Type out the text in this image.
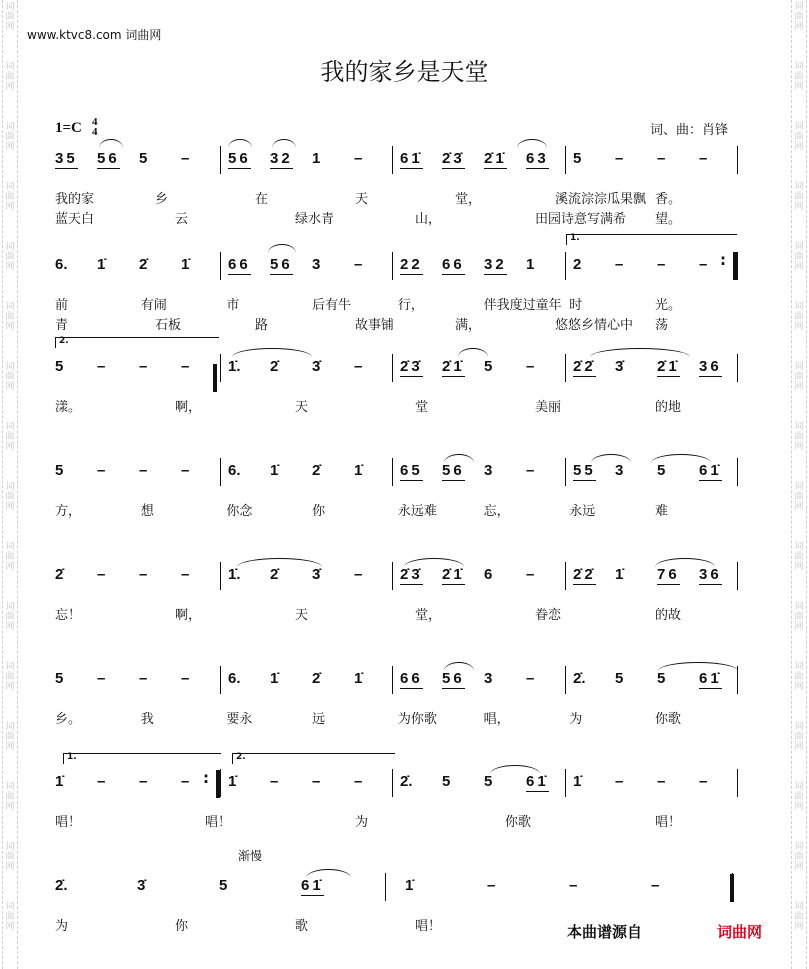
词
曲
网
词
曲
网
词
曲
网
词
曲
网
词
曲
网
词
曲
网
词
曲
网
词
曲
网
词
曲
网
词
曲
网
词
曲
网
词
曲
网
词
曲
网
词
曲
网
词
曲
网
词
曲
网
词
曲
网
词
曲
网
词
曲
网
词
曲
网
词
曲
网
词
曲
网
词
曲
网
词
曲
网
词
曲
网
词
曲
网
词
曲
网
词
曲
网
词
曲
网
词
曲
网
词
曲
网
词
曲
网
www.ktvc8.com 词曲网
我的家乡是天堂
1=C 4
4	词、曲：肖锋
渐慢
35 56 5 –	56 32 1 –	61̇ 2̇3̇ 2̇1̇ 63 5 – – –
我的家	乡	在	天	堂，	溪流淙淙瓜果飘 香。
蓝天白	云	绿水青	山，	田园诗意写满希 望。
6. 1̇ 2̇ 1̇	66 56 3 –	22 66 32 1	2 – – –
前	有闹	市	后有牛	行，	伴我度过童年 时	光。
青	石板	路	故事铺	满，	悠悠乡情心中 荡
5 – – –	1̇. 2̇ 3̇ –	2̇3̇ 2̇1̇ 5 –	2̇2̇ 3̇ 2̇1̇ 36
漾。	啊，	天	堂	美丽	的地
5 – – –	6. 1̇ 2̇ 1̇	65 56 3 –	55 3 5 61̇
方，	想	你念	你	永远难	忘，	永远	难
2̇ – – –	1̇. 2̇ 3̇ –	2̇3̇ 2̇1̇ 6 –	2̇2̇ 1̇ 76 36
忘！	啊，	天	堂，	眷恋	的故
5 – – –	6. 1̇ 2̇ 1̇	66 56 3 –	2̇. 5 5 61̇
乡。	我	要永	远	为你歌	唱，	为	你歌
1̇ – – –	1̇ – – –	2̇. 5 5 61̇ 1̇ – – –
唱！	唱！	为	你歌	唱！
2̇.	3̇	5	61̇	1̇	–	–	–
为	你	歌	唱！
1.
2.
1.	2.
:
:
本曲谱源自	词曲网
